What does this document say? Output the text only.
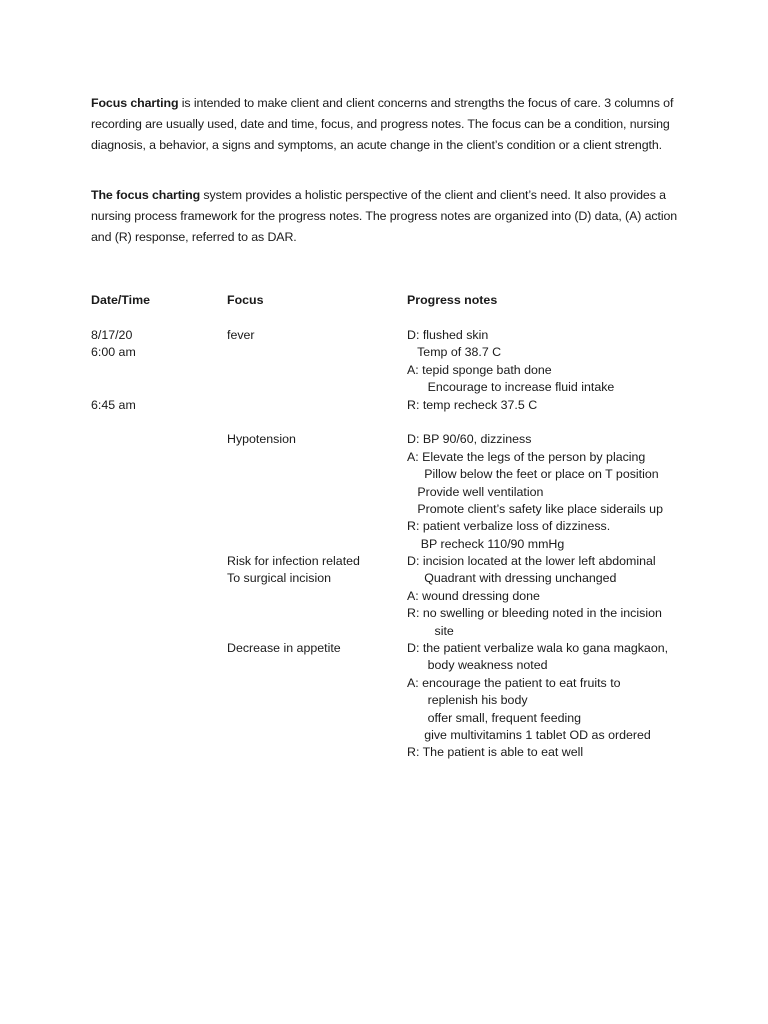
Focus charting is intended to make client and client concerns and strengths the focus of care. 3 columns of recording are usually used, date and time, focus, and progress notes. The focus can be a condition, nursing diagnosis, a behavior, a signs and symptoms, an acute change in the client’s condition or a client strength.
The focus charting system provides a holistic perspective of the client and client’s need. It also provides a nursing process framework for the progress notes. The progress notes are organized into (D) data, (A) action and (R) response, referred to as DAR.
Date/Time	Focus	Progress notes
8/17/20
6:00 am
6:45 am
fever
Hypotension
Risk for infection related
To surgical incision
Decrease in appetite
D: flushed skin
Temp of 38.7 C
A: tepid sponge bath done
Encourage to increase fluid intake
R: temp recheck 37.5 C
D: BP 90/60, dizziness
A: Elevate the legs of the person by placing
Pillow below the feet or place on T position
Provide well ventilation
Promote client’s safety like place siderails up
R: patient verbalize loss of dizziness.
BP recheck 110/90 mmHg
D: incision located at the lower left abdominal
Quadrant with dressing unchanged
A: wound dressing done
R: no swelling or bleeding noted in the incision
site
D: the patient verbalize wala ko gana magkaon,
body weakness noted
A: encourage the patient to eat fruits to
replenish his body
offer small, frequent feeding
give multivitamins 1 tablet OD as ordered
R: The patient is able to eat well
